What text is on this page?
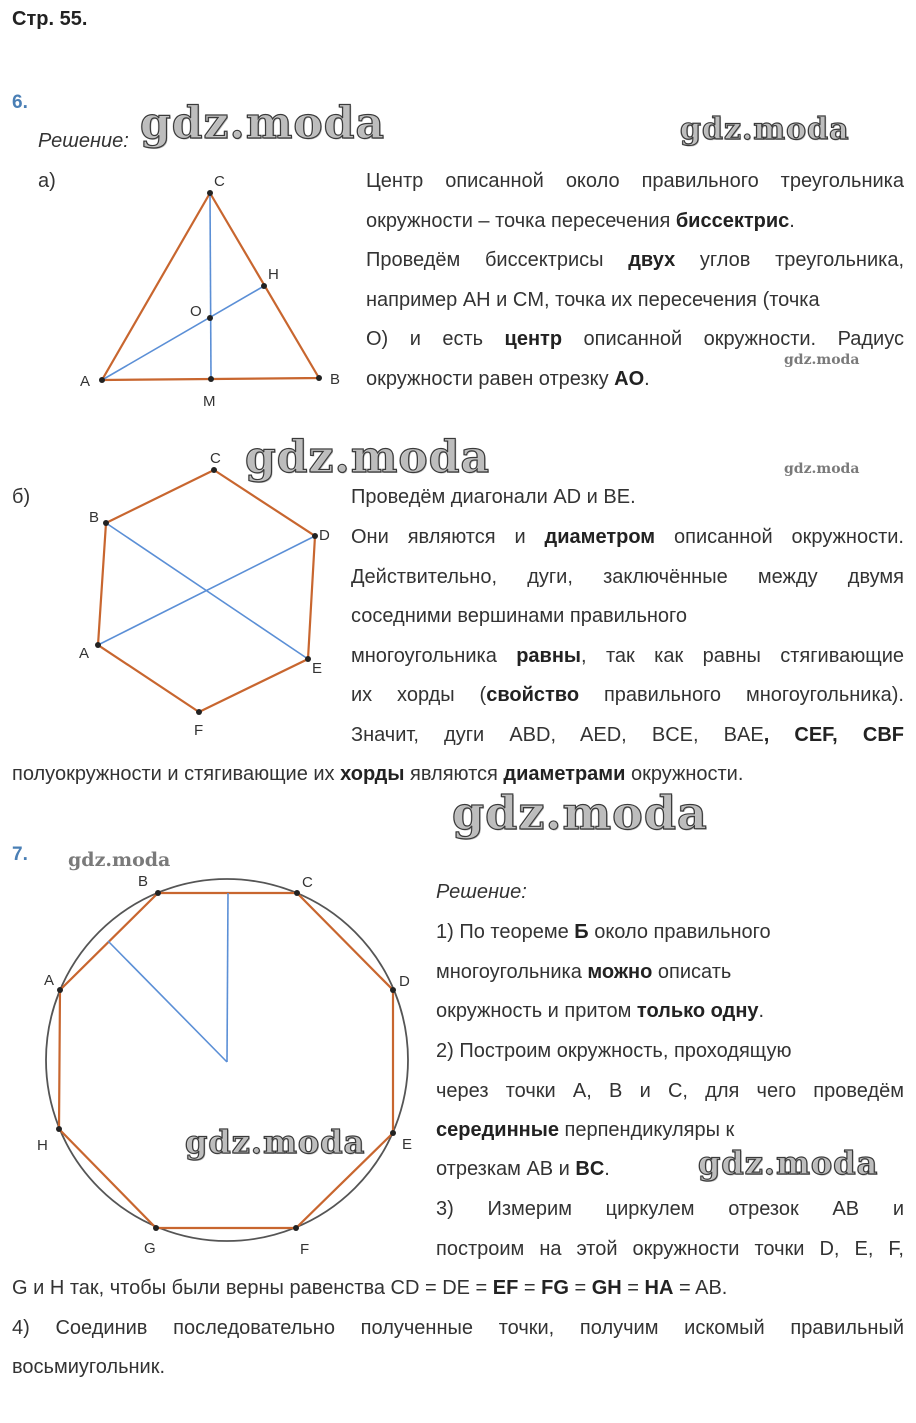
Стр. 55.
gdz.moda	gdz.moda
gdz.moda
gdz.moda	gdz.moda
gdz.moda
gdz.moda
gdz.moda
gdz.moda
6.
Решение:
а)	Центр описанной около правильного треугольника
окружности – точка пересечения биссектрис.
Проведём биссектрисы двух углов треугольника,
например AH и CM, точка их пересечения (точка
O) и есть центр описанной окружности. Радиус
окружности равен отрезку AO.
б)	Проведём диагонали AD и BE.
Они являются и диаметром описанной окружности.
Действительно, дуги, заключённые между двумя
соседними вершинами правильного
многоугольника равны, так как равны стягивающие
их хорды (свойство правильного многоугольника).
Значит, дуги ABD, AED, BCE, BAE, CEF, CBF
полуокружности и стягивающие их хорды являются диаметрами окружности.
7.
Решение:
1) По теореме Б около правильного
многоугольника можно описать
окружность и притом только одну.
2) Построим окружность, проходящую
через точки A, B и C, для чего проведём
серединные перпендикуляры к
отрезкам AB и BC.
3) Измерим циркулем отрезок AB и
построим на этой окружности точки D, E, F,
G и H так, чтобы были верны равенства CD = DE = EF = FG = GH = HA = AB.
4) Соединив последовательно полученные точки, получим искомый правильный
восьмиугольник.
C
H
O
A
M
B
C
B
D
A
E
F
B	C
A	D
H	E
G	F
